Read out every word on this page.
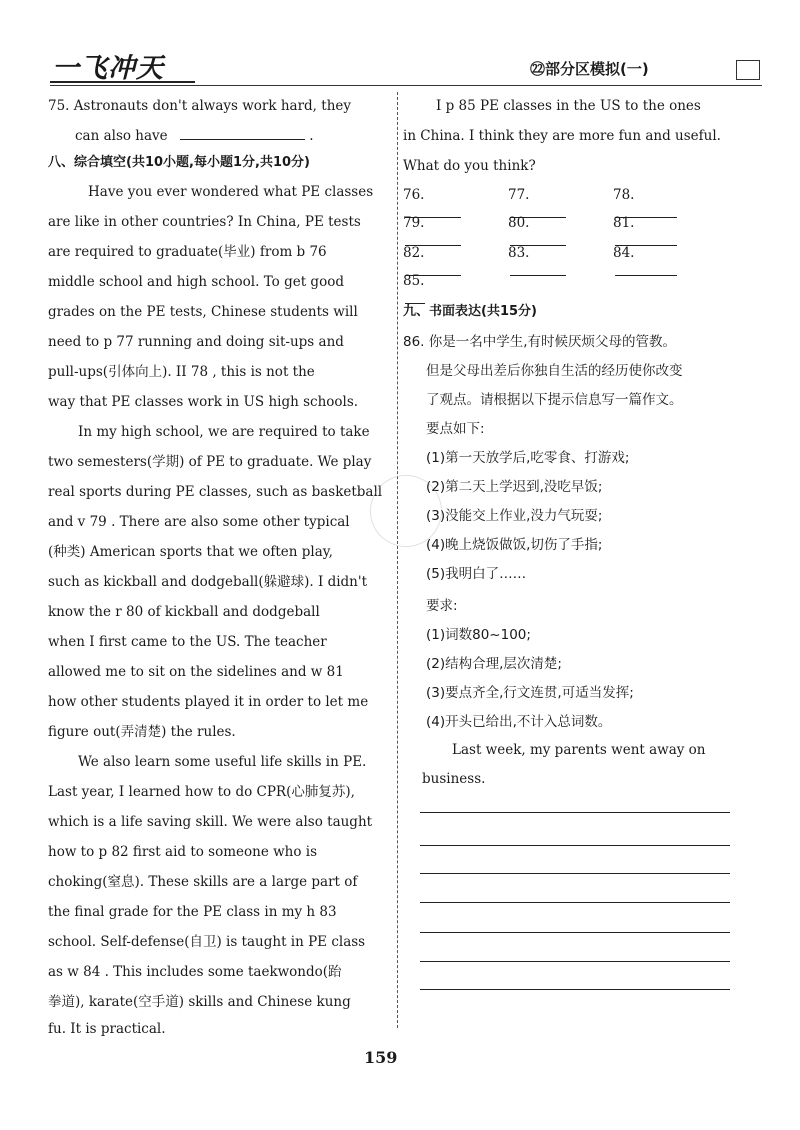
一飞冲天	㉒部分区模拟(一)
75. Astronauts don't always work hard, they
can also have	.
八、综合填空(共10小题,每小题1分,共10分)
Have you ever wondered what PE classes
are like in other countries? In China, PE tests
are required to graduate(毕业) from b 76
middle school and high school. To get good
grades on the PE tests, Chinese students will
need to p 77 running and doing sit-ups and
pull-ups(引体向上). II 78 , this is not the
way that PE classes work in US high schools.
In my high school, we are required to take
two semesters(学期) of PE to graduate. We play
real sports during PE classes, such as basketball
and v 79 . There are also some other typical
(种类) American sports that we often play,
such as kickball and dodgeball(躲避球). I didn't
know the r 80 of kickball and dodgeball
when I first came to the US. The teacher
allowed me to sit on the sidelines and w 81
how other students played it in order to let me
figure out(弄清楚) the rules.
We also learn some useful life skills in PE.
Last year, I learned how to do CPR(心肺复苏),
which is a life saving skill. We were also taught
how to p 82 first aid to someone who is
choking(窒息). These skills are a large part of
the final grade for the PE class in my h 83
school. Self-defense(自卫) is taught in PE class
as w 84 . This includes some taekwondo(跆
拳道), karate(空手道) skills and Chinese kung
fu. It is practical.
I p 85 PE classes in the US to the ones
in China. I think they are more fun and useful.
What do you think?
76.	77.	78.
79.	80.	81.
82.	83.	84.
85.
九、书面表达(共15分)
86. 你是一名中学生,有时候厌烦父母的管教。
但是父母出差后你独自生活的经历使你改变
了观点。请根据以下提示信息写一篇作文。
要点如下:
(1)第一天放学后,吃零食、打游戏;
(2)第二天上学迟到,没吃早饭;
(3)没能交上作业,没力气玩耍;
(4)晚上烧饭做饭,切伤了手指;
(5)我明白了……
要求:
(1)词数80~100;
(2)结构合理,层次清楚;
(3)要点齐全,行文连贯,可适当发挥;
(4)开头已给出,不计入总词数。
Last week, my parents went away on
business.
159
